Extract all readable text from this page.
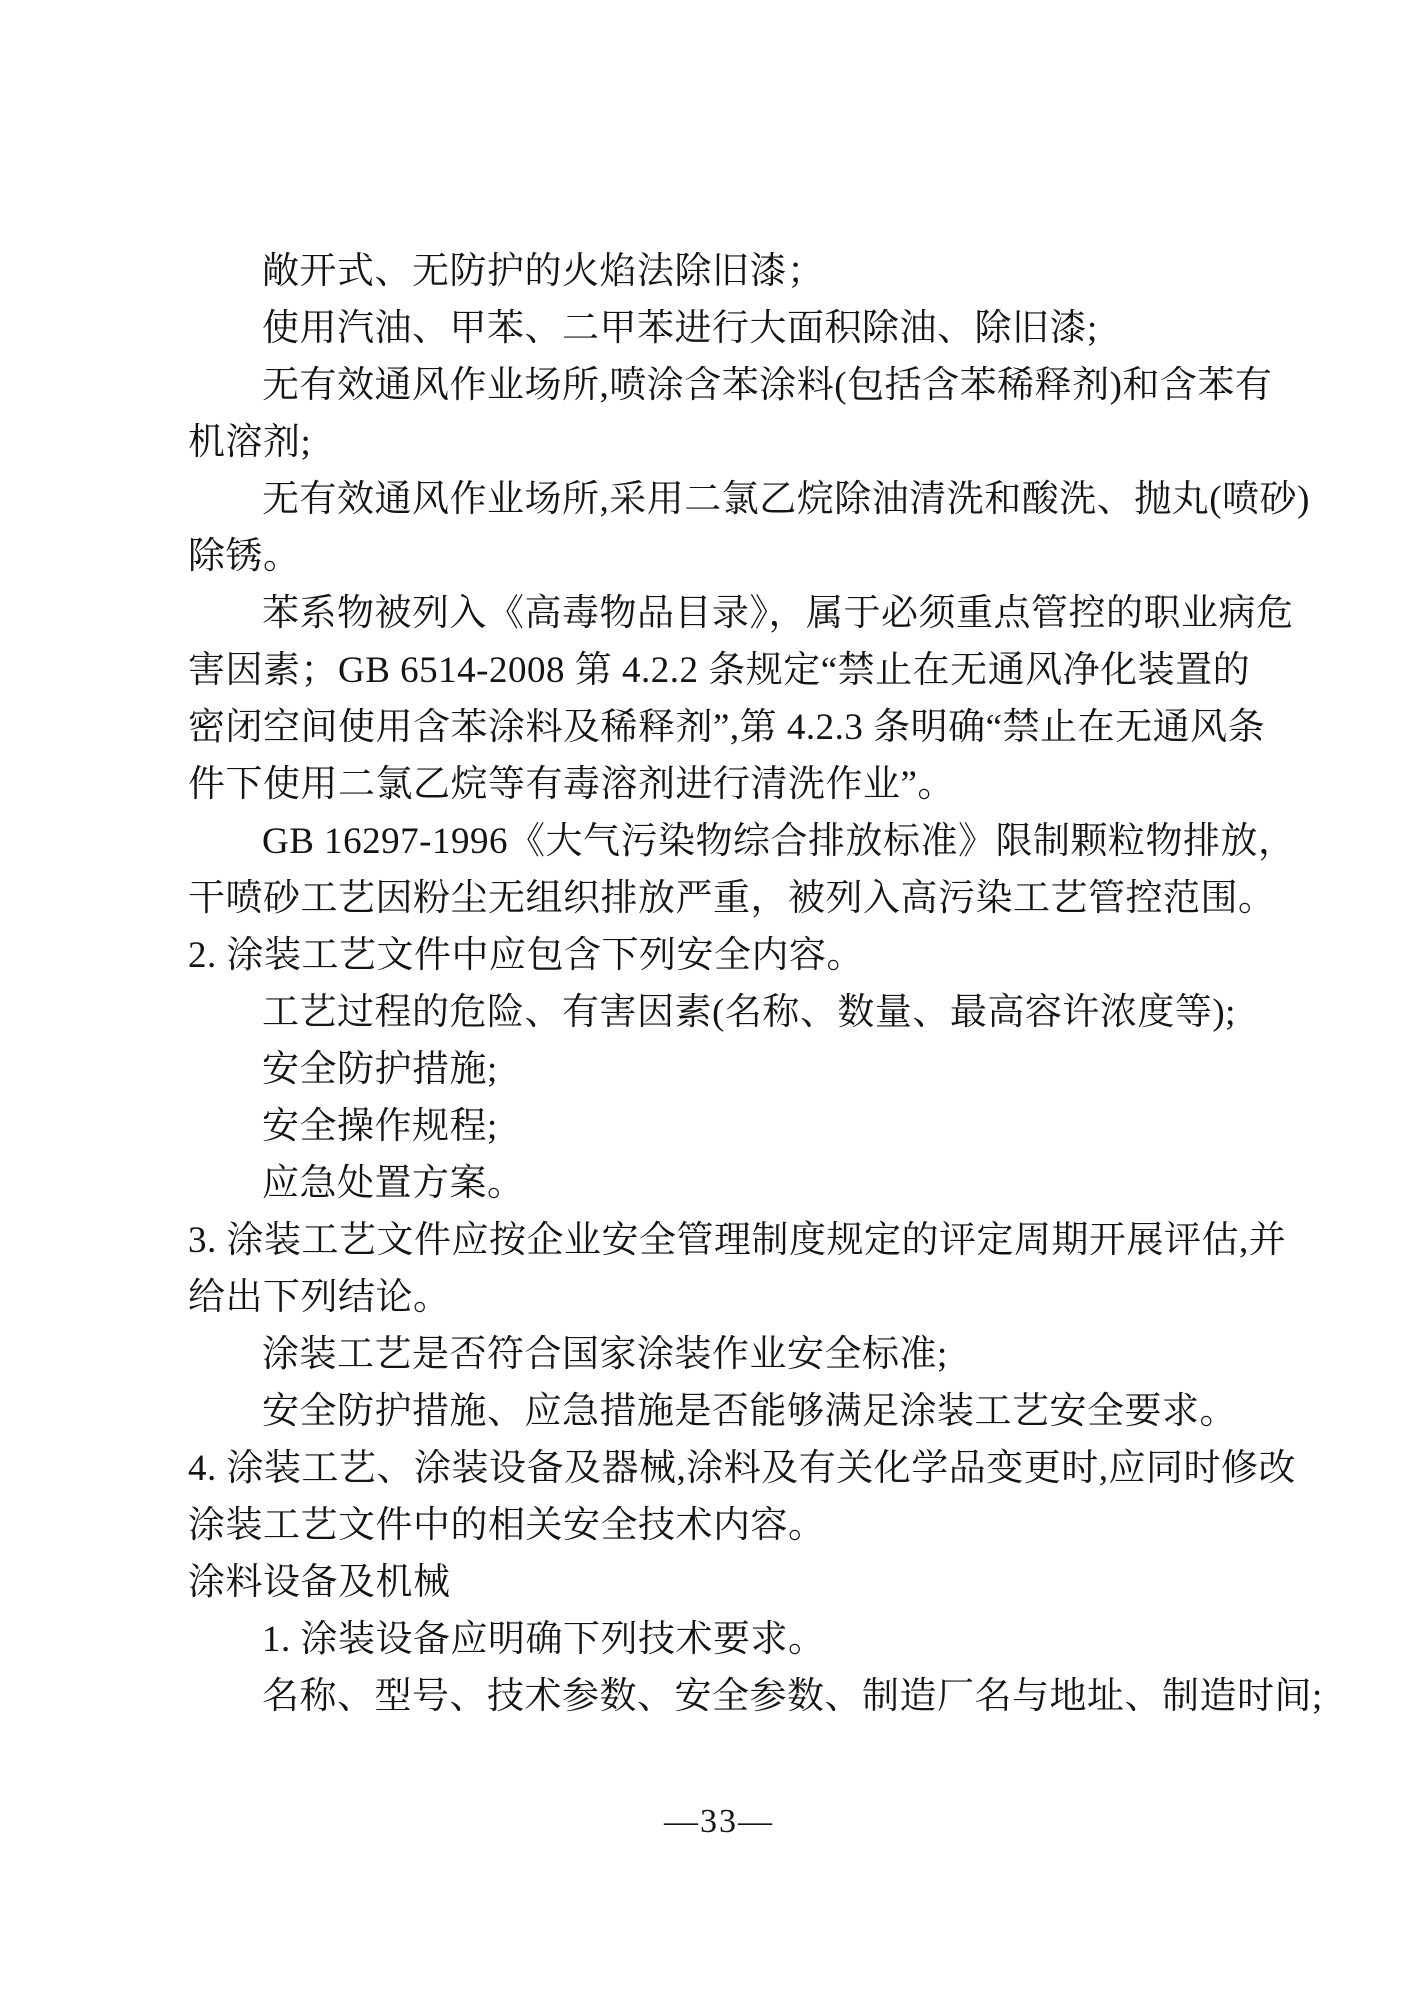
敞开式、无防护的火焰法除旧漆；
使用汽油、甲苯、二甲苯进行大面积除油、除旧漆;
无有效通风作业场所,喷涂含苯涂料(包括含苯稀释剂)和含苯有
机溶剂;
无有效通风作业场所,采用二氯乙烷除油清洗和酸洗、抛丸(喷砂)
除锈。
苯系物被列入《高毒物品目录》，属于必须重点管控的职业病危
害因素；GB 6514-2008 第 4.2.2 条规定“禁止在无通风净化装置的
密闭空间使用含苯涂料及稀释剂”,第 4.2.3 条明确“禁止在无通风条
件下使用二氯乙烷等有毒溶剂进行清洗作业”。
GB 16297-1996《大气污染物综合排放标准》限制颗粒物排放，
干喷砂工艺因粉尘无组织排放严重，被列入高污染工艺管控范围。
2. 涂装工艺文件中应包含下列安全内容。
工艺过程的危险、有害因素(名称、数量、最高容许浓度等);
安全防护措施;
安全操作规程;
应急处置方案。
3. 涂装工艺文件应按企业安全管理制度规定的评定周期开展评估,并
给出下列结论。
涂装工艺是否符合国家涂装作业安全标准;
安全防护措施、应急措施是否能够满足涂装工艺安全要求。
4. 涂装工艺、涂装设备及器械,涂料及有关化学品变更时,应同时修改
涂装工艺文件中的相关安全技术内容。
涂料设备及机械
1. 涂装设备应明确下列技术要求。
名称、型号、技术参数、安全参数、制造厂名与地址、制造时间;
—33—
